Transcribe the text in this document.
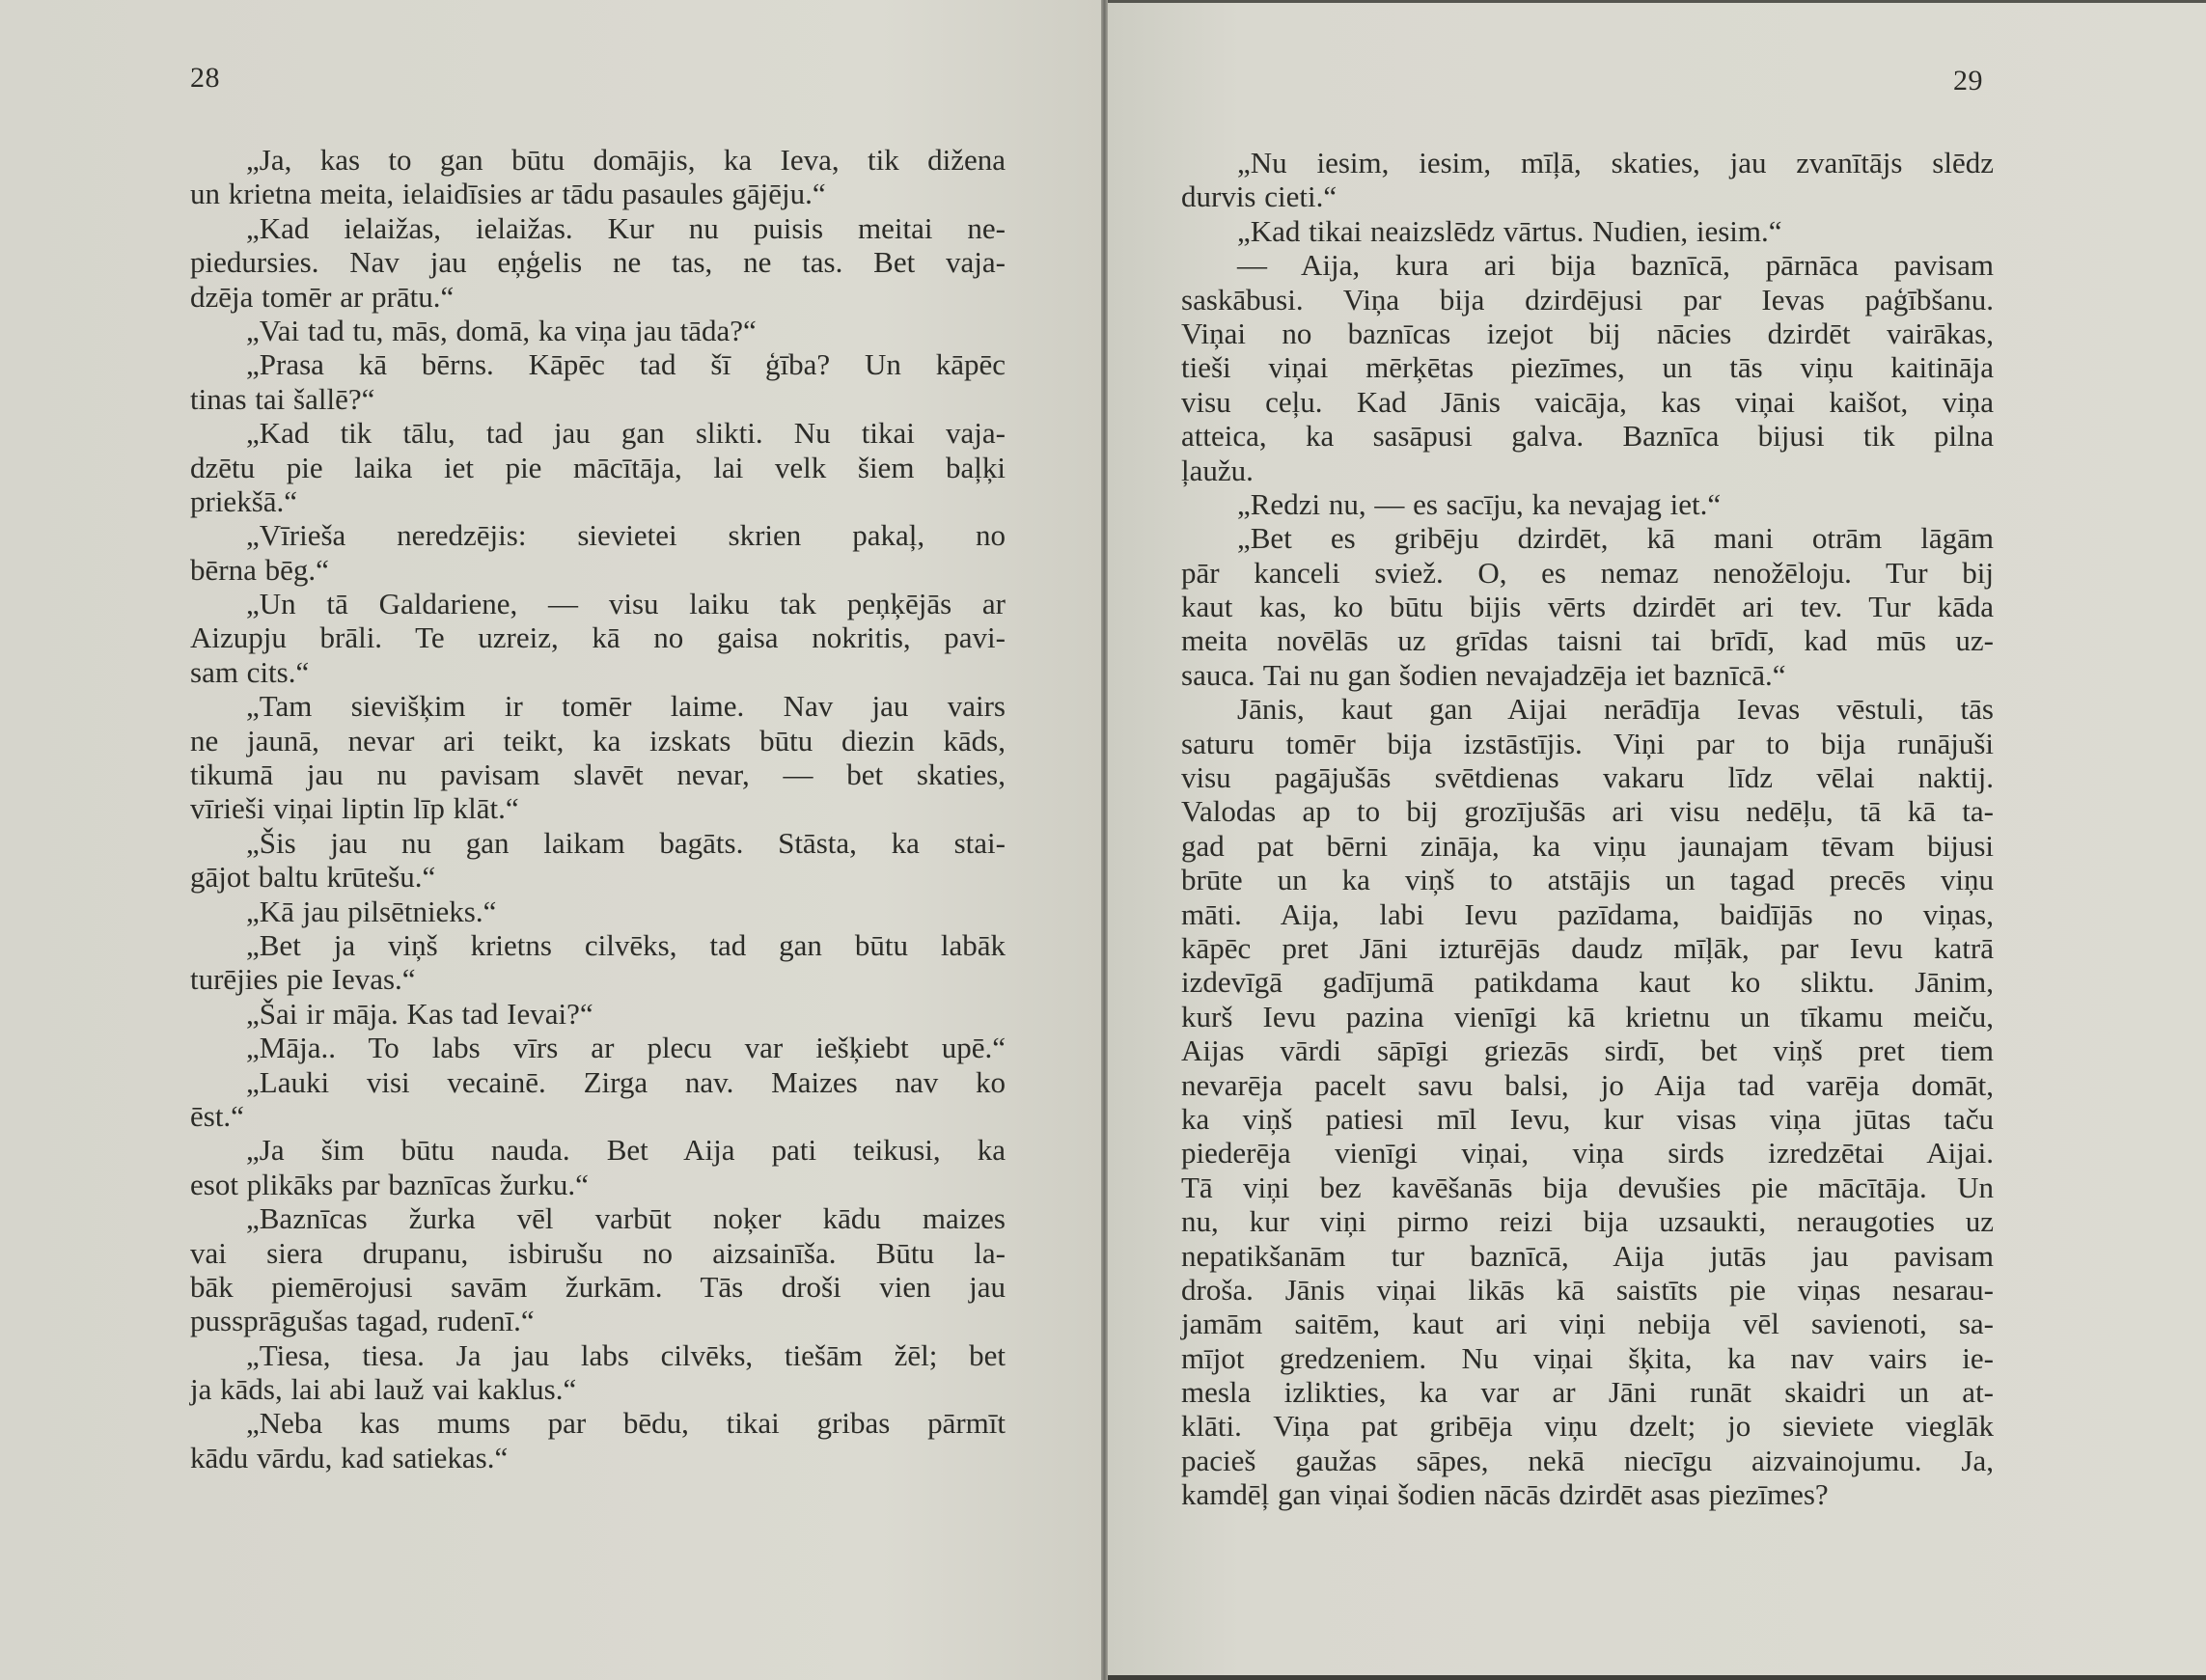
28
„Ja, kas to gan būtu domājis, ka Ieva, tik diženа
un krietna meita, ielaidīsies ar tādu pasaules gājēju.“
„Kad ielaižas, ielaižas. Kur nu puisis meitai ne-
piedursies. Nav jau eņģelis ne tas, ne tas. Bet vaja-
dzēja tomēr ar prātu.“
„Vai tad tu, mās, domā, ka viņa jau tāda?“
„Prasa kā bērns. Kāpēc tad šī ģība? Un kāpēc
tinas tai šallē?“
„Kad tik tālu, tad jau gan slikti. Nu tikai vaja-
dzētu pie laika iet pie mācītāja, lai velk šiem baļķi
priekšā.“
„Vīrieša neredzējis: sievietei skrien pakaļ, no
bērna bēg.“
„Un tā Galdariene, — visu laiku tak peņķējās ar
Aizupju brāli. Te uzreiz, kā no gaisa nokritis, pavi-
sam cits.“
„Tam sievišķim ir tomēr laime. Nav jau vairs
ne jaunā, nevar ari teikt, ka izskats būtu diezin kāds,
tikumā jau nu pavisam slavēt nevar, — bet skaties,
vīrieši viņai liptin līp klāt.“
„Šis jau nu gan laikam bagāts. Stāsta, ka stai-
gājot baltu krūtešu.“
„Kā jau pilsētnieks.“
„Bet ja viņš krietns cilvēks, tad gan būtu labāk
turējies pie Ievas.“
„Šai ir māja. Kas tad Ievai?“
„Māja.. To labs vīrs ar plecu var iešķiebt upē.“
„Lauki visi vecainē. Zirga nav. Maizes nav ko
ēst.“
„Ja šim būtu nauda. Bet Aija pati teikusi, ka
esot plikāks par baznīcas žurku.“
„Baznīcas žurka vēl varbūt noķer kādu maizes
vai siera drupanu, isbirušu no aizsainīša. Būtu la-
bāk piemērojusi savām žurkām. Tās droši vien jau
pussprāgušas tagad, rudenī.“
„Tiesa, tiesa. Ja jau labs cilvēks, tiešām žēl; bet
ja kāds, lai abi lauž vai kaklus.“
„Neba kas mums par bēdu, tikai gribas pārmīt
kādu vārdu, kad satiekas.“
29
„Nu iesim, iesim, mīļā, skaties, jau zvanītājs slēdz
durvis cieti.“
„Kad tikai neaizslēdz vārtus. Nudien, iesim.“
— Aija, kura ari bija baznīcā, pārnāca pavisam
saskābusi. Viņa bija dzirdējusi par Ievas paģībšanu.
Viņai no baznīcas izejot bij nācies dzirdēt vairākas,
tieši viņai mērķētas piezīmes, un tās viņu kaitināja
visu ceļu. Kad Jānis vaicāja, kas viņai kaišot, viņa
atteica, ka sasāpusi galva. Baznīca bijusi tik pilna
ļaužu.
„Redzi nu, — es sacīju, ka nevajag iet.“
„Bet es gribēju dzirdēt, kā mani otrām lāgām
pār kanceli sviež. O, es nemaz nenožēloju. Tur bij
kaut kas, ko būtu bijis vērts dzirdēt ari tev. Tur kāda
meita novēlās uz grīdas taisni tai brīdī, kad mūs uz-
sauca. Tai nu gan šodien nevajadzēja iet baznīcā.“
Jānis, kaut gan Aijai nerādīja Ievas vēstuli, tās
saturu tomēr bija izstāstījis. Viņi par to bija runājuši
visu pagājušās svētdienas vakaru līdz vēlai naktij.
Valodas ap to bij grozījušās ari visu nedēļu, tā kā ta-
gad pat bērni zināja, ka viņu jaunajam tēvam bijusi
brūte un ka viņš to atstājis un tagad precēs viņu
māti. Aija, labi Ievu pazīdama, baidījās no viņas,
kāpēc pret Jāni izturējās daudz mīļāk, par Ievu katrā
izdevīgā gadījumā patikdama kaut ko sliktu. Jānim,
kurš Ievu pazina vienīgi kā krietnu un tīkamu meiču,
Aijas vārdi sāpīgi griezās sirdī, bet viņš pret tiem
nevarēja pacelt savu balsi, jo Aija tad varēja domāt,
ka viņš patiesi mīl Ievu, kur visas viņa jūtas taču
piederēja vienīgi viņai, viņa sirds izredzētai Aijai.
Tā viņi bez kavēšanās bija devušies pie mācītāja. Un
nu, kur viņi pirmo reizi bija uzsaukti, neraugoties uz
nepatikšanām tur baznīcā, Aija jutās jau pavisam
droša. Jānis viņai likās kā saistīts pie viņas nesarau-
jamām saitēm, kaut ari viņi nebija vēl savienoti, sa-
mījot gredzeniem. Nu viņai šķita, ka nav vairs ie-
mesla izlikties, ka var ar Jāni runāt skaidri un at-
klāti. Viņa pat gribēja viņu dzelt; jo sieviete vieglāk
pacieš gaužas sāpes, nekā niecīgu aizvainojumu. Ja,
kamdēļ gan viņai šodien nācās dzirdēt asas piezīmes?
